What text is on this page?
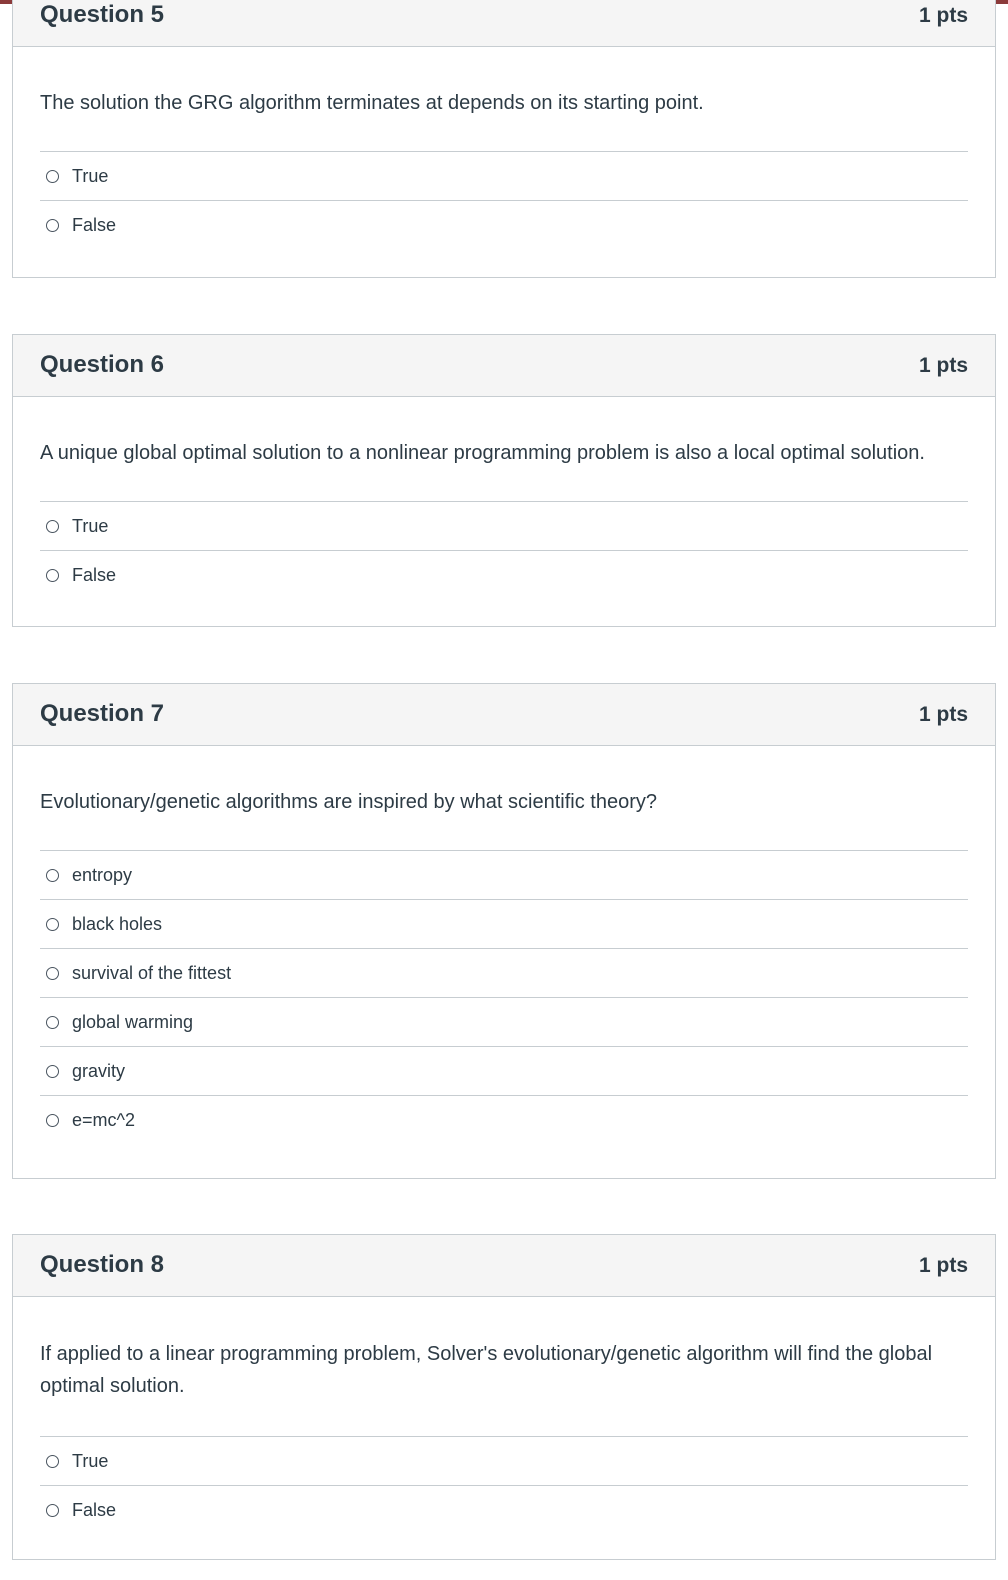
Question 5	1 pts
The solution the GRG algorithm terminates at depends on its starting point.
True
False
Question 6	1 pts
A unique global optimal solution to a nonlinear programming problem is also a local optimal solution.
True
False
Question 7	1 pts
Evolutionary/genetic algorithms are inspired by what scientific theory?
entropy
black holes
survival of the fittest
global warming
gravity
e=mc^2
Question 8	1 pts
If applied to a linear programming problem, Solver's evolutionary/genetic algorithm will find the global optimal solution.
True
False
